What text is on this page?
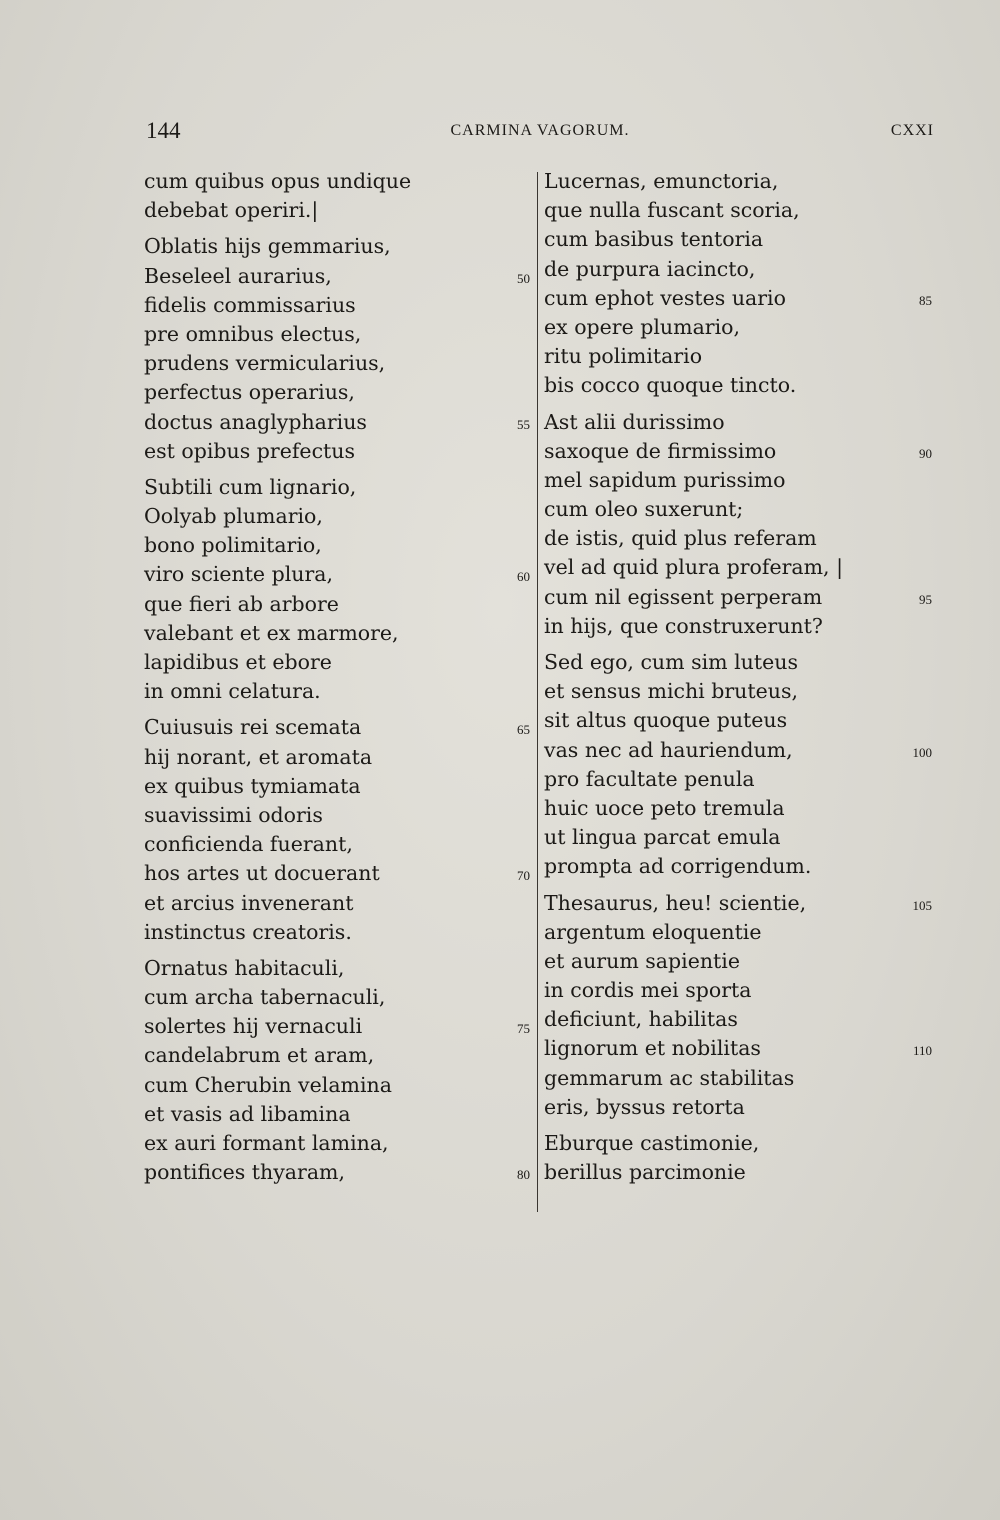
144	CARMINA VAGORUM.	CXXI
cum quibus opus undique
debebat operiri.|
Oblatis hijs gemmarius,
Beseleel aurarius,	50
fidelis commissarius
pre omnibus electus,
prudens vermicularius,
perfectus operarius,
doctus anaglypharius	55
est opibus prefectus
Subtili cum lignario,
Oolyab plumario,
bono polimitario,
viro sciente plura,	60
que fieri ab arbore
valebant et ex marmore,
lapidibus et ebore
in omni celatura.
Cuiusuis rei scemata	65
hij norant, et aromata
ex quibus tymiamata
suavissimi odoris
conficienda fuerant,
hos artes ut docuerant	70
et arcius invenerant
instinctus creatoris.
Ornatus habitaculi,
cum archa tabernaculi,
solertes hij vernaculi	75
candelabrum et aram,
cum Cherubin velamina
et vasis ad libamina
ex auri formant lamina,
pontifices thyaram,	80
Lucernas, emunctoria,
que nulla fuscant scoria,
cum basibus tentoria
de purpura iacincto,
cum ephot vestes uario	85
ex opere plumario,
ritu polimitario
bis cocco quoque tincto.
Ast alii durissimo
saxoque de firmissimo	90
mel sapidum purissimo
cum oleo suxerunt;
de istis, quid plus referam
vel ad quid plura proferam, |
cum nil egissent perperam	95
in hijs, que construxerunt?
Sed ego, cum sim luteus
et sensus michi bruteus,
sit altus quoque puteus
vas nec ad hauriendum,	100
pro facultate penula
huic uoce peto tremula
ut lingua parcat emula
prompta ad corrigendum.
Thesaurus, heu! scientie,	105
argentum eloquentie
et aurum sapientie
in cordis mei sporta
deficiunt, habilitas
lignorum et nobilitas	110
gemmarum ac stabilitas
eris, byssus retorta
Eburque castimonie,
berillus parcimonie
